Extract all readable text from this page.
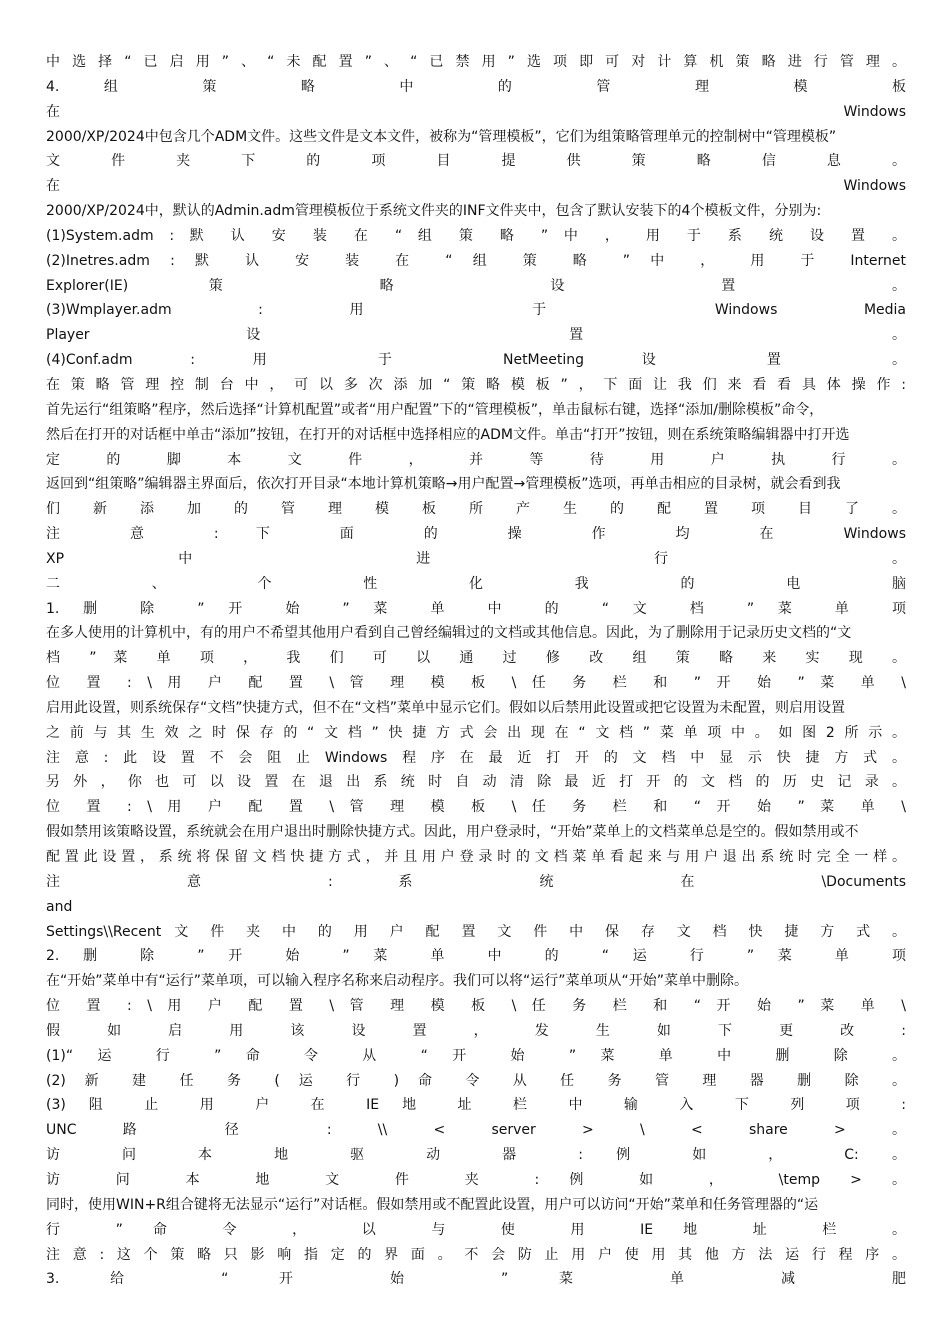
中选择“已启用”、“未配置”、“已禁用”选项即可对计算机策略进行管理。
4. 组 策 略 中 的 管 理 模 板
在 Windows
2000/XP/2024中包含几个ADM文件。这些文件是文本文件，被称为“管理模板”，它们为组策略管理单元的控制树中“管理模板”
文 件 夹 下 的 项 目 提 供 策 略 信 息 。
在 Windows
2000/XP/2024中，默认的Admin.adm管理模板位于系统文件夹的INF文件夹中，包含了默认安装下的4个模板文件，分别为:
(1)System.adm : 默 认 安 装 在 “ 组 策 略 ” 中 ， 用 于 系 统 设 置 。
(2)Inetres.adm : 默 认 安 装 在 “ 组 策 略 ” 中 ， 用 于 Internet
Explorer(IE) 策 略 设 置 。
(3)Wmplayer.adm : 用 于 Windows Media
Player 设 置 。
(4)Conf.adm : 用 于 NetMeeting 设 置 。
在策略管理控制台中，可以多次添加“策略模板”，下面让我们来看看具体操作:
首先运行“组策略”程序，然后选择“计算机配置”或者“用户配置”下的“管理模板”，单击鼠标右键，选择“添加/删除模板”命令，
然后在打开的对话框中单击“添加”按钮，在打开的对话框中选择相应的ADM文件。单击“打开”按钮，则在系统策略编辑器中打开选
定 的 脚 本 文 件 ， 并 等 待 用 户 执 行 。
返回到“组策略”编辑器主界面后，依次打开目录“本地计算机策略→用户配置→管理模板”选项，再单击相应的目录树，就会看到我
们 新 添 加 的 管 理 模 板 所 产 生 的 配 置 项 目 了 。
注 意 : 下 面 的 操 作 均 在 Windows
XP 中 进 行 。
二 、 个 性 化 我 的 电 脑
1. 删 除 ” 开 始 ” 菜 单 中 的 “ 文 档 ” 菜 单 项
在多人使用的计算机中，有的用户不希望其他用户看到自己曾经编辑过的文档或其他信息。因此，为了删除用于记录历史文档的“文
档 ” 菜 单 项 ， 我 们 可 以 通 过 修 改 组 策 略 来 实 现 。
位 置 : \ 用 户 配 置 \ 管 理 模 板 \ 任 务 栏 和 ” 开 始 ” 菜 单 \
启用此设置，则系统保存“文档”快捷方式，但不在“文档”菜单中显示它们。假如以后禁用此设置或把它设置为未配置，则启用设置
之前与其生效之时保存的“文档”快捷方式会出现在“文档”菜单项中。如图2所示。
注意:此设置不会阻止Windows程序在最近打开的文档中显示快捷方式。
另外，你也可以设置在退出系统时自动清除最近打开的文档的历史记录。
位 置 : \ 用 户 配 置 \ 管 理 模 板 \ 任 务 栏 和 “ 开 始 ” 菜 单 \
假如禁用该策略设置，系统就会在用户退出时删除快捷方式。因此，用户登录时，“开始”菜单上的文档菜单总是空的。假如禁用或不
配置此设置，系统将保留文档快捷方式，并且用户登录时的文档菜单看起来与用户退出系统时完全一样。
注 意 : 系 统 在 \Documents
and
Settings\\Recent 文 件 夹 中 的 用 户 配 置 文 件 中 保 存 文 档 快 捷 方 式 。
2. 删 除 ” 开 始 ” 菜 单 中 的 “ 运 行 ” 菜 单 项
在“开始”菜单中有“运行”菜单项，可以输入程序名称来启动程序。我们可以将“运行”菜单项从“开始”菜单中删除。
位 置 : \ 用 户 配 置 \ 管 理 模 板 \ 任 务 栏 和 “ 开 始 ” 菜 单 \
假 如 启 用 该 设 置 ， 发 生 如 下 更 改 :
(1)“ 运 行 ” 命 令 从 “ 开 始 ” 菜 单 中 删 除 。
(2) 新 建 任 务 ( 运 行 ) 命 令 从 任 务 管 理 器 删 除 。
(3) 阻 止 用 户 在 IE 地 址 栏 中 输 入 下 列 项 :
UNC 路 径 : \\ < server > \ < share > 。
访 问 本 地 驱 动 器 : 例 如 ， C: 。
访 问 本 地 文 件 夹 : 例 如 ， \temp > 。
同时，使用WIN+R组合键将无法显示“运行”对话框。假如禁用或不配置此设置，用户可以访问“开始”菜单和任务管理器的“运
行 ” 命 令 ， 以 与 使 用 IE 地 址 栏 。
注意:这个策略只影响指定的界面。不会防止用户使用其他方法运行程序。
3. 给 “ 开 始 ” 菜 单 减 肥
